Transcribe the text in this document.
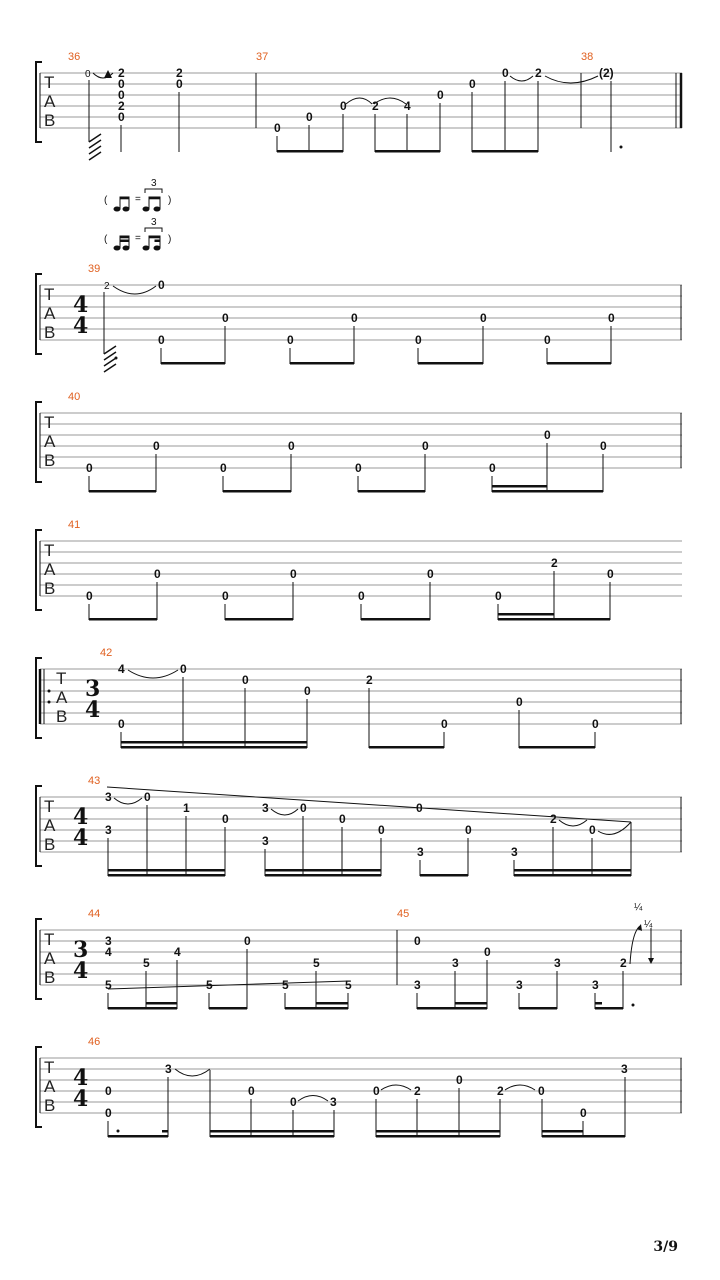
36	37	38
T
A
B
0 2
0
0
2
0
2
0
0
0
0 2 4
0
0
0 2	(2)
(	)
(	)
=
=
3
3
39
T
A
B
4
4
2	0
0
0
0
0
0
0
0
0
40
T
A
B	0
0
0
0
0
0
0
0
0
41
T
A
B	0
0
0
0
0
0
0
2
0
42
T
A
B
3
4
4
0
0
0
0
2
0
0
0
43
T
A
B
4
4
3
3
0
1
0
3
3
0
0
0
0
3
0
3
2
0
44	45
T
A
B
3
4
3
4
5
5
4
5
0
5
5
5
0
3
3
0
3
3
3
2
¼
¼
46
T
A
B
4
4 0
0
3
0
0	3
0	2
0
2	0
0
3
3/9
